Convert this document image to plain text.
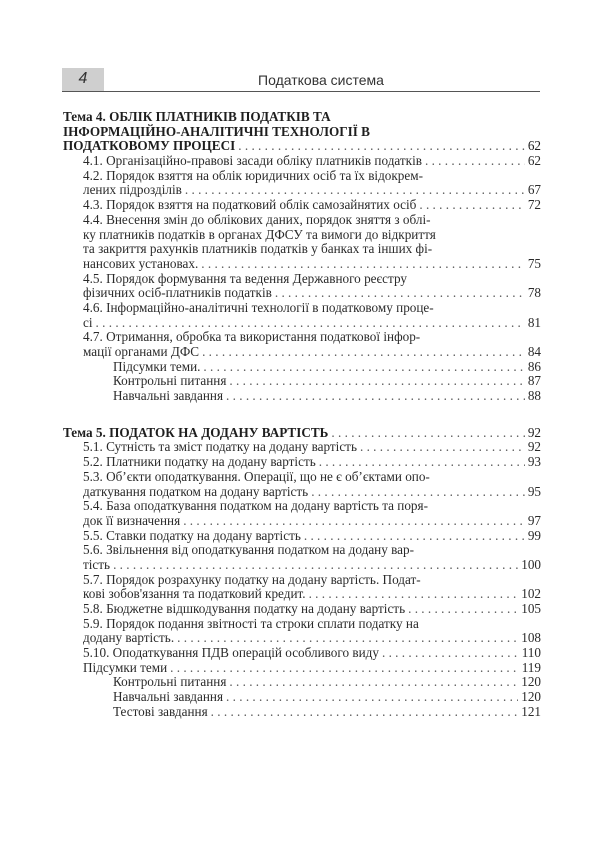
4	Податкова система
Тема 4. ОБЛІК ПЛАТНИКІВ ПОДАТКІВ ТА
ІНФОРМАЦІЙНО-АНАЛІТИЧНІ ТЕХНОЛОГІЇ В
ПОДАТКОВОМУ ПРОЦЕСІ . . .	62
4.1. Організаційно-правові засади обліку платників податків . . .	62
4.2. Порядок взяття на облік юридичних осіб та їх відокрем-
лених підрозділів . . .	67
4.3. Порядок взяття на податковий облік самозайнятих осіб . . .	72
4.4. Внесення змін до облікових даних, порядок зняття з облі-
ку платників податків в органах ДФСУ та вимоги до відкриття
та закриття рахунків платників податків у банках та інших фі-
нансових установах. . . .	75
4.5. Порядок формування та ведення Державного реєстру
фізичних осіб-платників податків . . .	78
4.6. Інформаційно-аналітичні технології в податковому проце-
сі . . .	81
4.7. Отримання, обробка та використання податкової інфор-
мації органами ДФС . . .	84
Підсумки теми. . . .	86
Контрольні питання . . .	87
Навчальні завдання . . .	88
Тема 5. ПОДАТОК НА ДОДАНУ ВАРТІСТЬ . . .	92
5.1. Сутність та зміст податку на додану вартість . . .	92
5.2. Платники податку на додану вартість . . .	93
5.3. Об’єкти оподаткування. Операції, що не є об’єктами опо-
даткування податком на додану вартість . . .	95
5.4. База оподаткування податком на додану вартість та поря-
док її визначення . . .	97
5.5. Ставки податку на додану вартість . . .	99
5.6. Звільнення від оподаткування податком на додану вар-
тість . . .	100
5.7. Порядок розрахунку податку на додану вартість. Подат-
кові зобов'язання та податковий кредит. . . .	102
5.8. Бюджетне відшкодування податку на додану вартість . . .	105
5.9. Порядок подання звітності та строки сплати податку на
додану вартість. . . .	108
5.10. Оподаткування ПДВ операцій особливого виду . . .	110
Підсумки теми . . .	119
Контрольні питання . . .	120
Навчальні завдання . . .	120
Тестові завдання . . .	121
